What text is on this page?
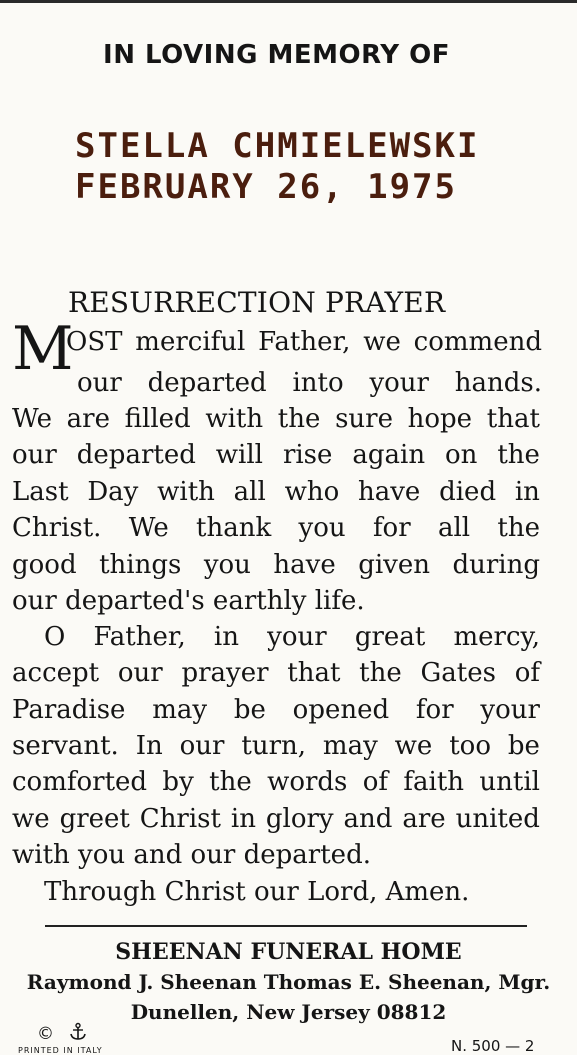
IN LOVING MEMORY OF
STELLA CHMIELEWSKI
FEBRUARY 26, 1975
RESURRECTION PRAYER
M
OST merciful Father, we commend
our departed into your hands.
We are filled with the sure hope that
our departed will rise again on the
Last Day with all who have died in
Christ. We thank you for all the
good things you have given during
our departed's earthly life.
O Father, in your great mercy,
accept our prayer that the Gates of
Paradise may be opened for your
servant. In our turn, may we too be
comforted by the words of faith until
we greet Christ in glory and are united
with you and our departed.
Through Christ our Lord, Amen.
SHEENAN FUNERAL HOME
Raymond J. Sheenan Thomas E. Sheenan, Mgr.
Dunellen, New Jersey 08812
©
PRINTED IN ITALY	N. 500 — 2
